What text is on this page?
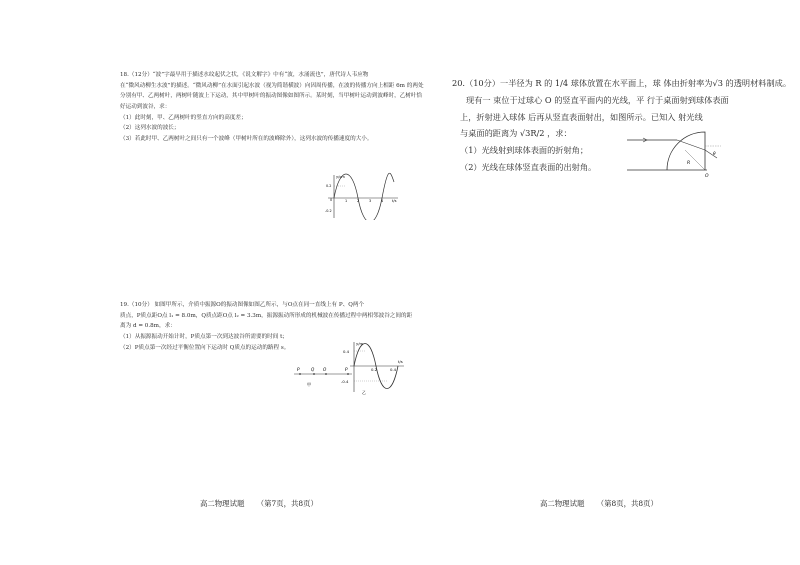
18.（12分）“波”字最早用于描述水纹起伏之状，《说文解字》中有“波，水涌流也”，唐代诗人韦应物
在“微风动柳生水波”的描述。“微风动柳”在水面引起水波（视为简谐横波）向因周传播，在波的传播方向上相距 6m 的两处
分别有甲、乙两树叶，两树叶随波上下运动，其中甲树叶的振动图像如图所示。某时刻，当甲树叶运动到波峰时，乙树叶恰
好运动到波谷，求：
（1）此时刻，甲、乙两树叶的竖直方向的高度差；
（2）这列水波的波长；
（3）若此时甲、乙两树叶之间只有一个波峰（甲树叶所在的波峰除外），这列水波的传播速度的大小。
y/cm
t/s
0.2
0
-0.2
1	2	3	4
19.（10分） 如图甲所示，介质中振源O的振动图像如图乙所示，与O点在同一直线上有 P、Q两个
质点，P质点距O点 l₁ = 8.0m，Q质点距O点 l₂ = 3.3m，振源振动所形成的机械波在传播过程中两相邻波谷之间的距
离为 d = 0.8m，求：
（1）从振源振动开始计时，P质点第一次到达波谷所需要的时间 t；
（2）P质点第一次经过平衡位置向下运动时 Q质点的运动的路程 s。
P	Q O	P
甲
y/m
0.4
-0.4
0.2	0.4
t/s
乙
高二物理试题 （第7页，共8页）
20.（10分）一半径为 R 的 1/4 球体放置在水平面上，球 体由折射率为√3 的透明材料制成。
现有一 束位于过球心 O 的竖直平面内的光线，平 行于桌面射到球体表面
上，折射进入球体 后再从竖直表面射出，如图所示。已知入 射光线
与桌面的距离为 √3R/2 ，求：
（1）光线射到球体表面的折射角；
（2）光线在球体竖直表面的出射角。	R
O
θ
高二物理试题 （第8页，共8页）
